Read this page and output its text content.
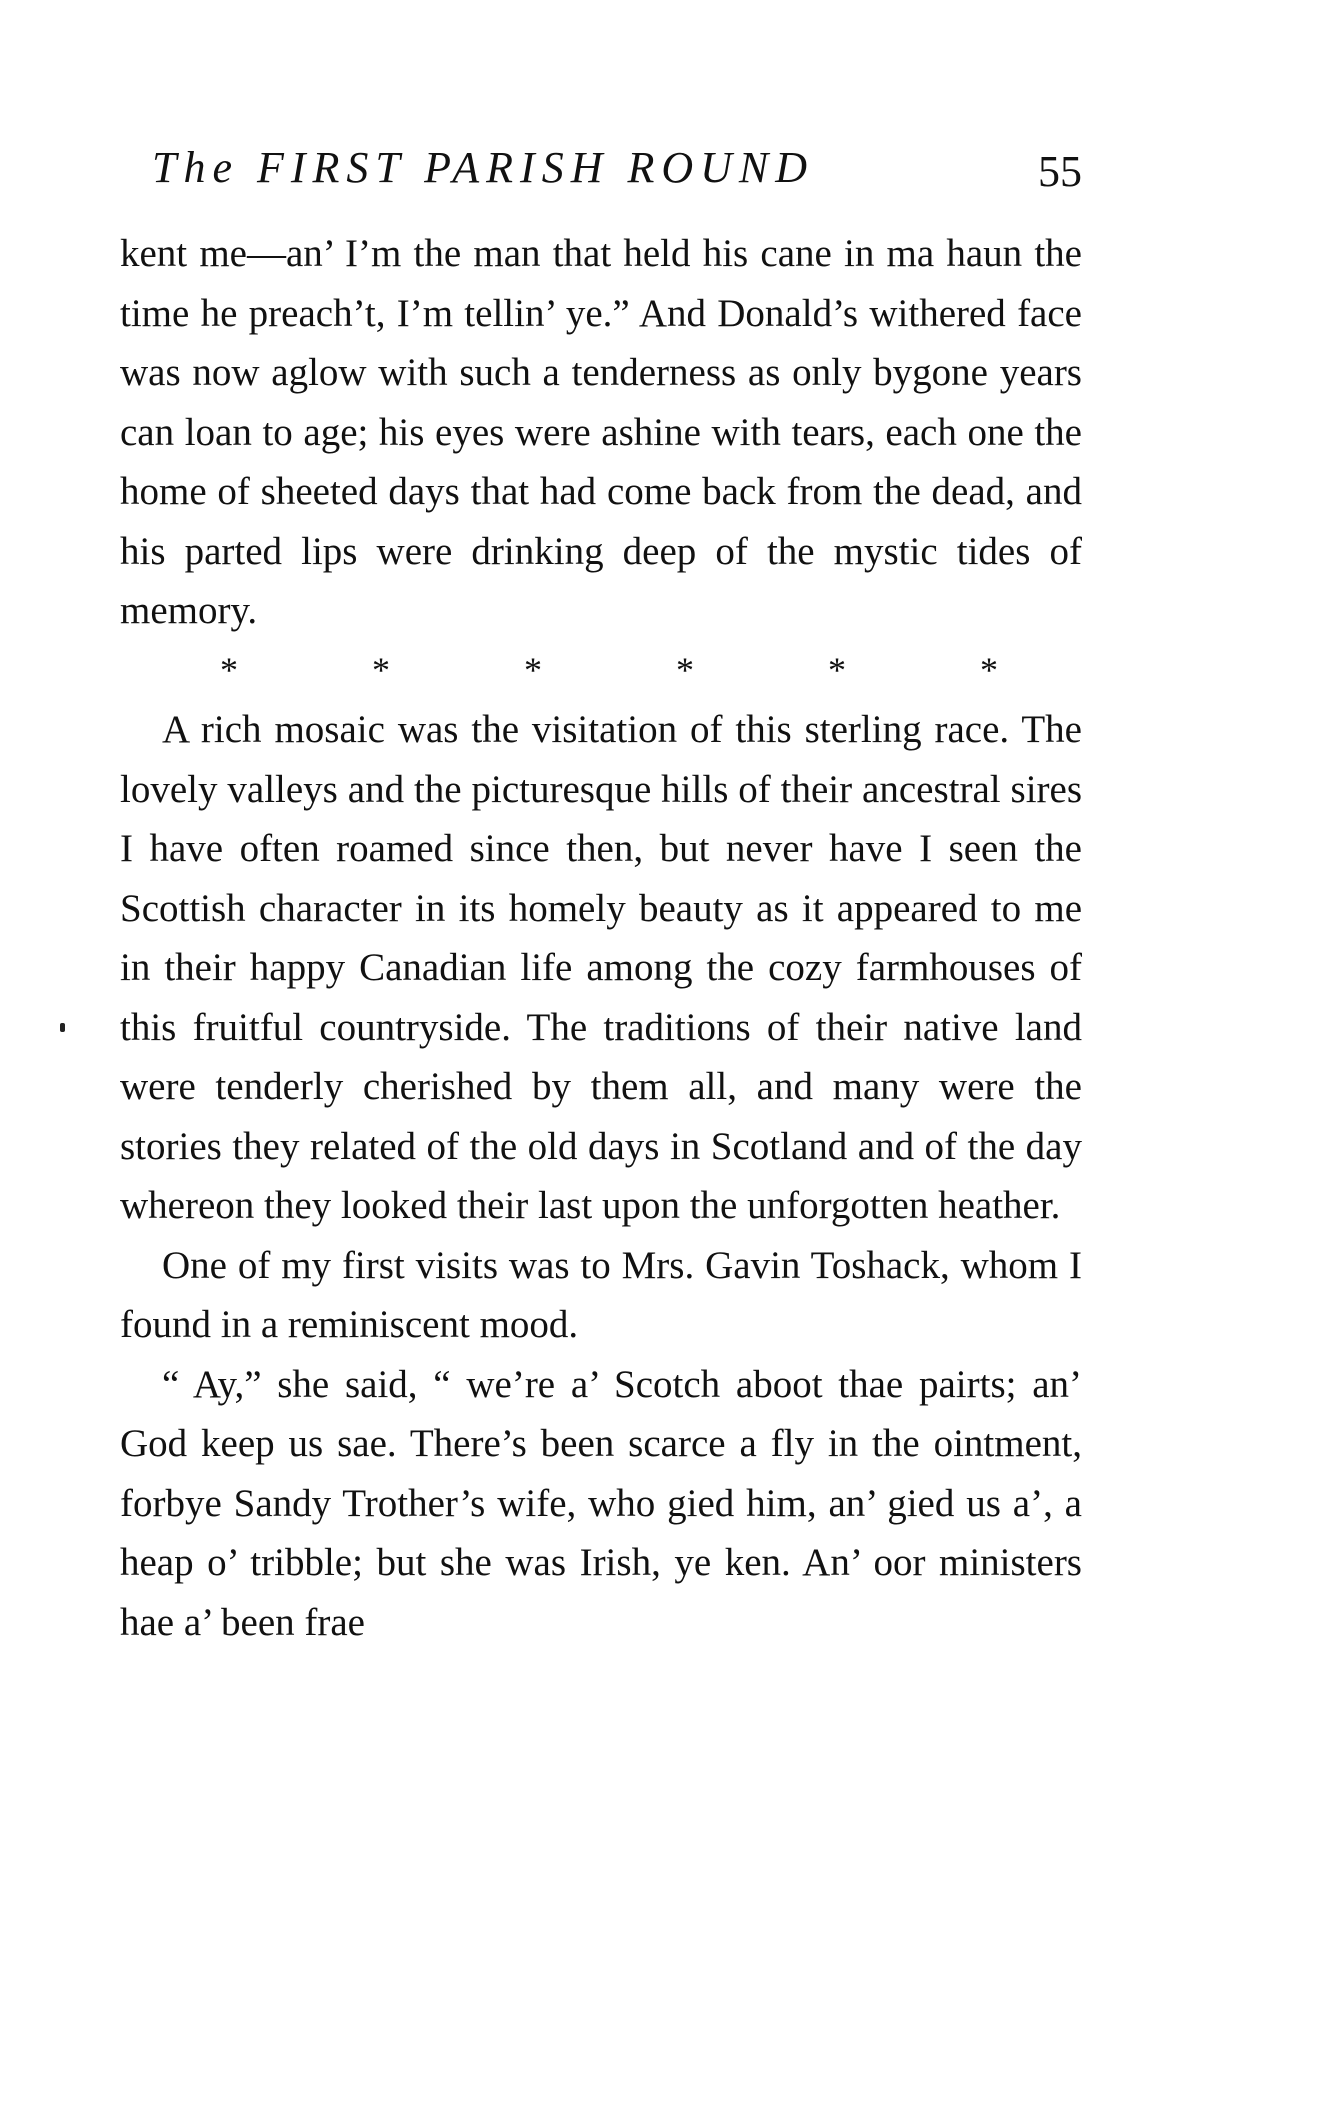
The FIRST PARISH ROUND	55

kent me—an’ I’m the man that held his cane in ma haun the time he preach’t, I’m tellin’ ye.” And Donald’s withered face was now aglow with such a tenderness as only bygone years can loan to age; his eyes were ashine with tears, each one the home of sheeted days that had come back from the dead, and his parted lips were drinking deep of the mystic tides of memory.

*	*	*	*	*	*

A rich mosaic was the visitation of this sterling race. The lovely valleys and the picturesque hills of their ancestral sires I have often roamed since then, but never have I seen the Scottish character in its homely beauty as it appeared to me in their happy Canadian life among the cozy farmhouses of this fruitful countryside. The traditions of their native land were tenderly cherished by them all, and many were the stories they related of the old days in Scotland and of the day whereon they looked their last upon the unforgotten heather.

One of my first visits was to Mrs. Gavin Toshack, whom I found in a reminiscent mood.

“ Ay,” she said, “ we’re a’ Scotch aboot thae pairts; an’ God keep us sae. There’s been scarce a fly in the ointment, forbye Sandy Trother’s wife, who gied him, an’ gied us a’, a heap o’ tribble; but she was Irish, ye ken. An’ oor ministers hae a’ been frae
